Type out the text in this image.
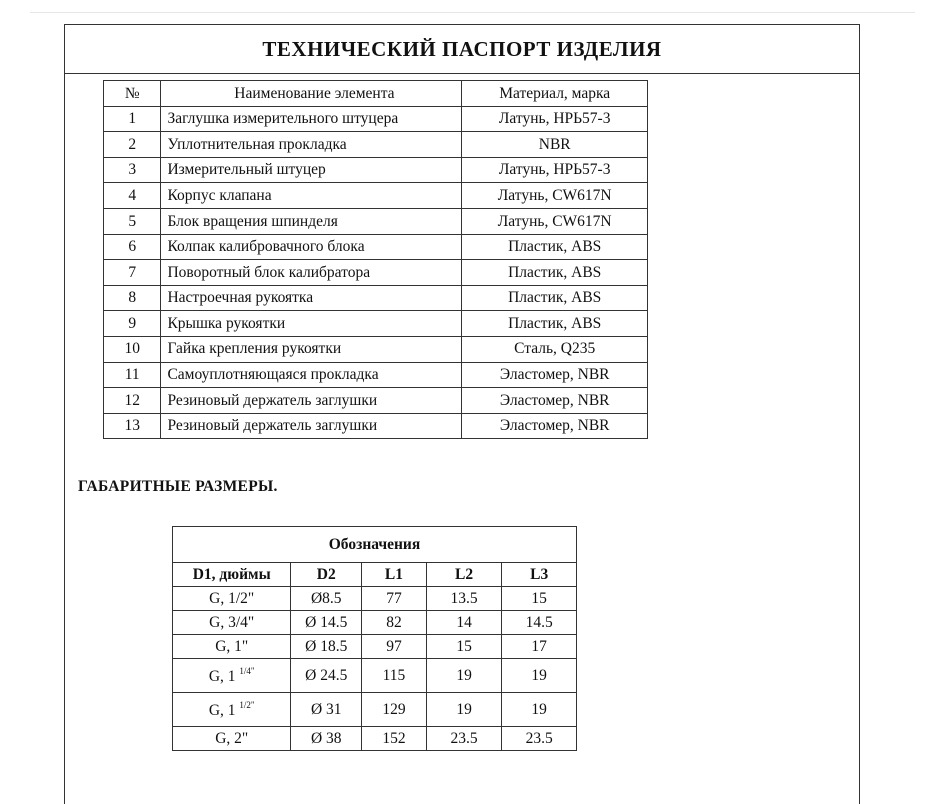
ТЕХНИЧЕСКИЙ ПАСПОРТ ИЗДЕЛИЯ
№	Наименование элемента	Материал, марка
1	Заглушка измерительного штуцера	Латунь, HPЬ57-3
2	Уплотнительная прокладка	NBR
3	Измерительный штуцер	Латунь, HPЬ57-3
4	Корпус клапана	Латунь, CW617N
5	Блок вращения шпинделя	Латунь, CW617N
6	Колпак калибровачного блока	Пластик, ABS
7	Поворотный блок калибратора	Пластик, ABS
8	Настроечная рукоятка	Пластик, ABS
9	Крышка рукоятки	Пластик, ABS
10	Гайка крепления рукоятки	Сталь, Q235
11	Самоуплотняющаяся прокладка	Эластомер, NBR
12	Резиновый держатель заглушки	Эластомер, NBR
13	Резиновый держатель заглушки	Эластомер, NBR
ГАБАРИТНЫЕ РАЗМЕРЫ.
Обозначения				
D1, дюймы	D2	L1	L2	L3
G, 1/2"	Ø8.5	77	13.5	15
G, 3/4"	Ø 14.5	82	14	14.5
G, 1"	Ø 18.5	97	15	17
G, 1 $^{1/4"}$	Ø 24.5	115	19	19
G, 1 $^{1/2"}$	Ø 31	129	19	19
G, 2"	Ø 38	152	23.5	23.5
